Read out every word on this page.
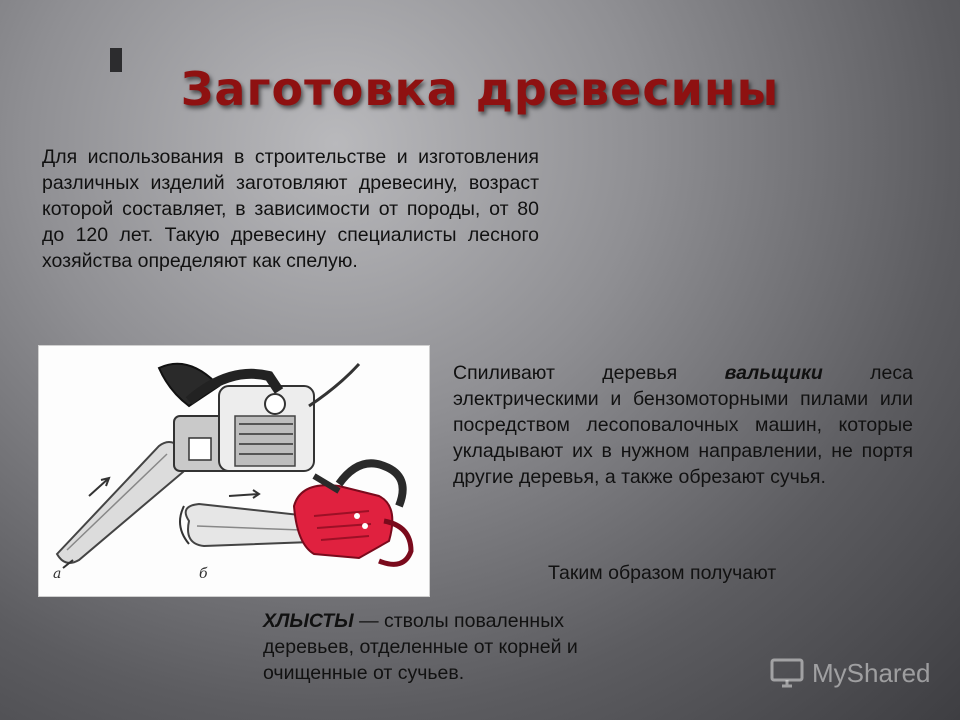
Заготовка древесины
Для использования в строительстве и изготовления различных изделий заготовляют древесину, возраст которой составляет, в зависимости от породы, от 80 до 120 лет. Такую древесину специалисты лесного хозяйства определяют как спелую.
а	б
Спиливают деревья вальщики леса электрическими и бензомоторными пилами или посредством лесоповалочных машин, которые укладывают их в нужном направлении, не портя другие деревья, а также обрезают сучья.
Таким образом получают
ХЛЫСТЫ — стволы поваленных деревьев, отделенные от корней и очищенные от сучьев.	MyShared
